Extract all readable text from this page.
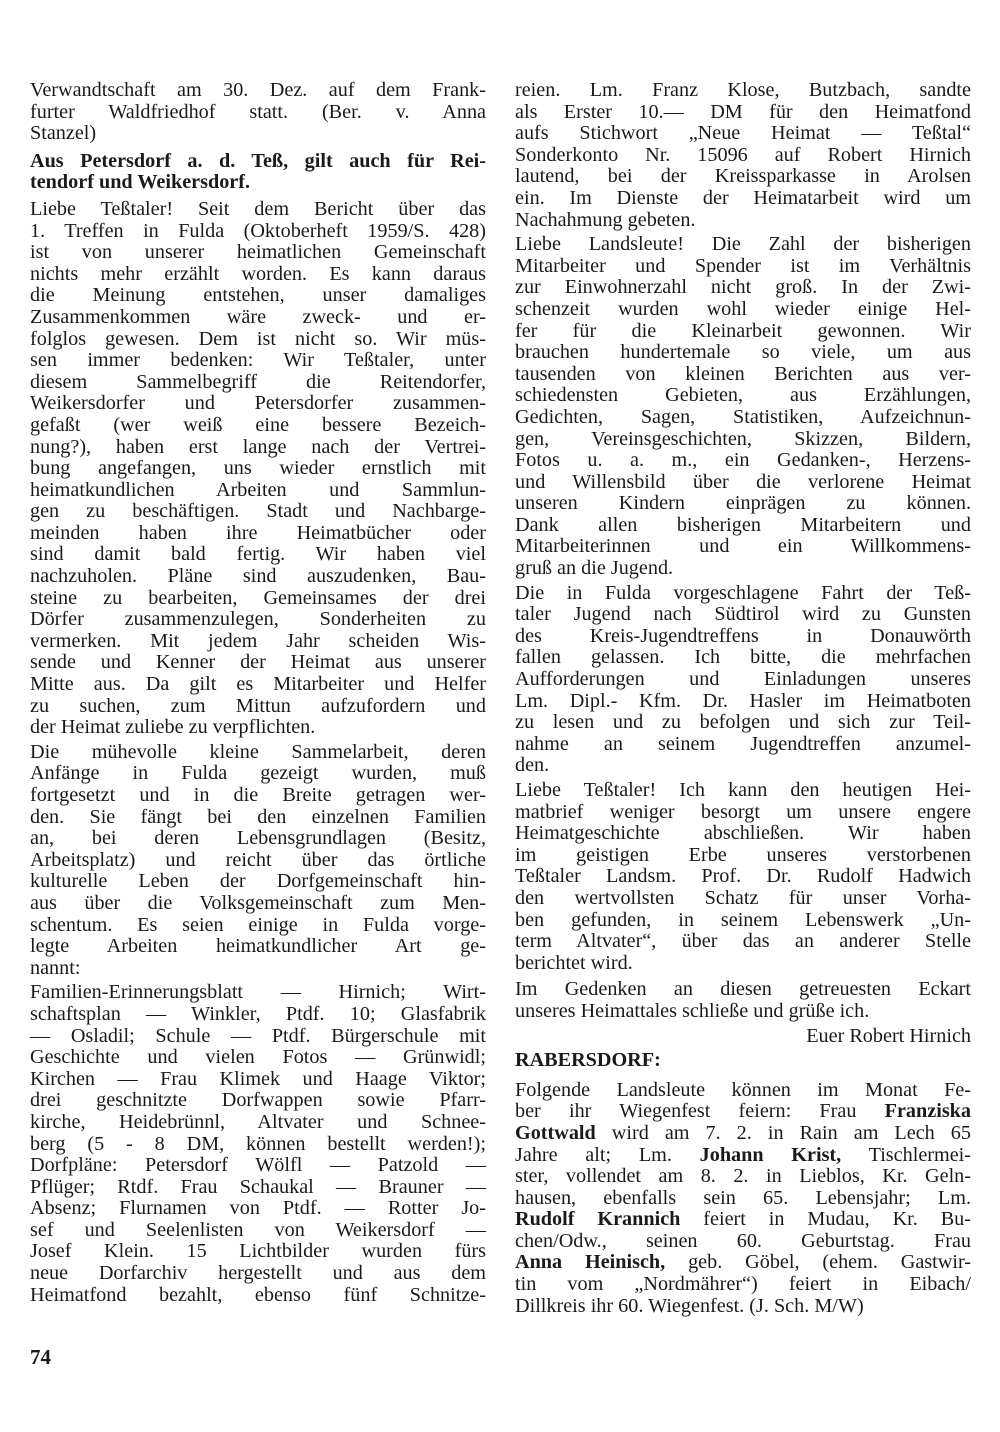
Verwandtschaft am 30. Dez. auf dem Frank-
furter Waldfriedhof statt. (Ber. v. Anna
Stanzel)
Aus Petersdorf a. d. Teß, gilt auch für Rei-
tendorf und Weikersdorf.
Liebe Teßtaler! Seit dem Bericht über das
1. Treffen in Fulda (Oktoberheft 1959/S. 428)
ist von unserer heimatlichen Gemeinschaft
nichts mehr erzählt worden. Es kann daraus
die Meinung entstehen, unser damaliges
Zusammenkommen wäre zweck- und er-
folglos gewesen. Dem ist nicht so. Wir müs-
sen immer bedenken: Wir Teßtaler, unter
diesem Sammelbegriff die Reitendorfer,
Weikersdorfer und Petersdorfer zusammen-
gefaßt (wer weiß eine bessere Bezeich-
nung?), haben erst lange nach der Vertrei-
bung angefangen, uns wieder ernstlich mit
heimatkundlichen Arbeiten und Sammlun-
gen zu beschäftigen. Stadt und Nachbarge-
meinden haben ihre Heimatbücher oder
sind damit bald fertig. Wir haben viel
nachzuholen. Pläne sind auszudenken, Bau-
steine zu bearbeiten, Gemeinsames der drei
Dörfer zusammenzulegen, Sonderheiten zu
vermerken. Mit jedem Jahr scheiden Wis-
sende und Kenner der Heimat aus unserer
Mitte aus. Da gilt es Mitarbeiter und Helfer
zu suchen, zum Mittun aufzufordern und
der Heimat zuliebe zu verpflichten.
Die mühevolle kleine Sammelarbeit, deren
Anfänge in Fulda gezeigt wurden, muß
fortgesetzt und in die Breite getragen wer-
den. Sie fängt bei den einzelnen Familien
an, bei deren Lebensgrundlagen (Besitz,
Arbeitsplatz) und reicht über das örtliche
kulturelle Leben der Dorfgemeinschaft hin-
aus über die Volksgemeinschaft zum Men-
schentum. Es seien einige in Fulda vorge-
legte Arbeiten heimatkundlicher Art ge-
nannt:
Familien-Erinnerungsblatt — Hirnich; Wirt-
schaftsplan — Winkler, Ptdf. 10; Glasfabrik
— Osladil; Schule — Ptdf. Bürgerschule mit
Geschichte und vielen Fotos — Grünwidl;
Kirchen — Frau Klimek und Haage Viktor;
drei geschnitzte Dorfwappen sowie Pfarr-
kirche, Heidebrünnl, Altvater und Schnee-
berg (5 - 8 DM, können bestellt werden!);
Dorfpläne: Petersdorf Wölfl — Patzold —
Pflüger; Rtdf. Frau Schaukal — Brauner —
Absenz; Flurnamen von Ptdf. — Rotter Jo-
sef und Seelenlisten von Weikersdorf —
Josef Klein. 15 Lichtbilder wurden fürs
neue Dorfarchiv hergestellt und aus dem
Heimatfond bezahlt, ebenso fünf Schnitze-
reien. Lm. Franz Klose, Butzbach, sandte
als Erster 10.— DM für den Heimatfond
aufs Stichwort „Neue Heimat — Teßtal“
Sonderkonto Nr. 15096 auf Robert Hirnich
lautend, bei der Kreissparkasse in Arolsen
ein. Im Dienste der Heimatarbeit wird um
Nachahmung gebeten.
Liebe Landsleute! Die Zahl der bisherigen
Mitarbeiter und Spender ist im Verhältnis
zur Einwohnerzahl nicht groß. In der Zwi-
schenzeit wurden wohl wieder einige Hel-
fer für die Kleinarbeit gewonnen. Wir
brauchen hundertemale so viele, um aus
tausenden von kleinen Berichten aus ver-
schiedensten Gebieten, aus Erzählungen,
Gedichten, Sagen, Statistiken, Aufzeichnun-
gen, Vereinsgeschichten, Skizzen, Bildern,
Fotos u. a. m., ein Gedanken-, Herzens-
und Willensbild über die verlorene Heimat
unseren Kindern einprägen zu können.
Dank allen bisherigen Mitarbeitern und
Mitarbeiterinnen und ein Willkommens-
gruß an die Jugend.
Die in Fulda vorgeschlagene Fahrt der Teß-
taler Jugend nach Südtirol wird zu Gunsten
des Kreis-Jugendtreffens in Donauwörth
fallen gelassen. Ich bitte, die mehrfachen
Aufforderungen und Einladungen unseres
Lm. Dipl.- Kfm. Dr. Hasler im Heimatboten
zu lesen und zu befolgen und sich zur Teil-
nahme an seinem Jugendtreffen anzumel-
den.
Liebe Teßtaler! Ich kann den heutigen Hei-
matbrief weniger besorgt um unsere engere
Heimatgeschichte abschließen. Wir haben
im geistigen Erbe unseres verstorbenen
Teßtaler Landsm. Prof. Dr. Rudolf Hadwich
den wertvollsten Schatz für unser Vorha-
ben gefunden, in seinem Lebenswerk „Un-
term Altvater“, über das an anderer Stelle
berichtet wird.
Im Gedenken an diesen getreuesten Eckart
unseres Heimattales schließe und grüße ich.
Euer Robert Hirnich
RABERSDORF:
Folgende Landsleute können im Monat Fe-
ber ihr Wiegenfest feiern: Frau Franziska
Gottwald wird am 7. 2. in Rain am Lech 65
Jahre alt; Lm. Johann Krist, Tischlermei-
ster, vollendet am 8. 2. in Lieblos, Kr. Geln-
hausen, ebenfalls sein 65. Lebensjahr; Lm.
Rudolf Krannich feiert in Mudau, Kr. Bu-
chen/Odw., seinen 60. Geburtstag. Frau
Anna Heinisch, geb. Göbel, (ehem. Gastwir-
tin vom „Nordmährer“) feiert in Eibach/
Dillkreis ihr 60. Wiegenfest. (J. Sch. M/W)
74
